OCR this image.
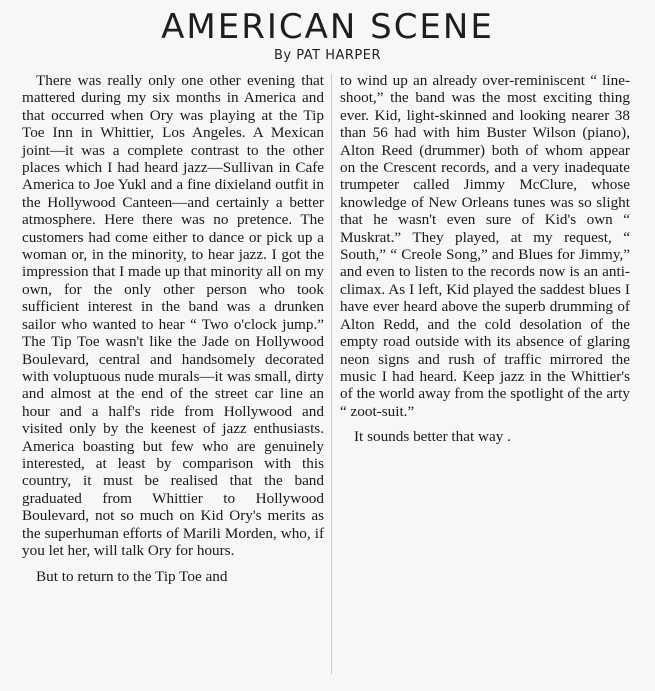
AMERICAN SCENE
By PAT HARPER

There was really only one other evening that mattered during my six months in America and that occurred when Ory was playing at the Tip Toe Inn in Whittier, Los Angeles. A Mexican joint—it was a complete contrast to the other places which I had heard jazz—Sullivan in Cafe America to Joe Yukl and a fine dixieland outfit in the Hollywood Canteen—and certainly a better atmosphere. Here there was no pretence. The customers had come either to dance or pick up a woman or, in the minority, to hear jazz. I got the impression that I made up that minority all on my own, for the only other person who took sufficient interest in the band was a drunken sailor who wanted to hear “ Two o'clock jump.” The Tip Toe wasn't like the Jade on Hollywood Boulevard, central and handsomely decorated with voluptuous nude murals—it was small, dirty and almost at the end of the street car line an hour and a half's ride from Hollywood and visited only by the keenest of jazz enthusiasts. America boasting but few who are genuinely interested, at least by comparison with this country, it must be realised that the band graduated from Whittier to Hollywood Boulevard, not so much on Kid Ory's merits as the superhuman efforts of Marili Morden, who, if you let her, will talk Ory for hours.

But to return to the Tip Toe and

to wind up an already over-reminiscent “ line-shoot,” the band was the most exciting thing ever. Kid, light-skinned and looking nearer 38 than 56 had with him Buster Wilson (piano), Alton Reed (drummer) both of whom appear on the Crescent records, and a very inadequate trumpeter called Jimmy McClure, whose knowledge of New Orleans tunes was so slight that he wasn't even sure of Kid's own “ Muskrat.” They played, at my request, “ South,” “ Creole Song,” and Blues for Jimmy,” and even to listen to the records now is an anti-climax. As I left, Kid played the saddest blues I have ever heard above the superb drumming of Alton Redd, and the cold desolation of the empty road outside with its absence of glaring neon signs and rush of traffic mirrored the music I had heard. Keep jazz in the Whittier's of the world away from the spotlight of the arty “ zoot-suit.”

It sounds better that way .
